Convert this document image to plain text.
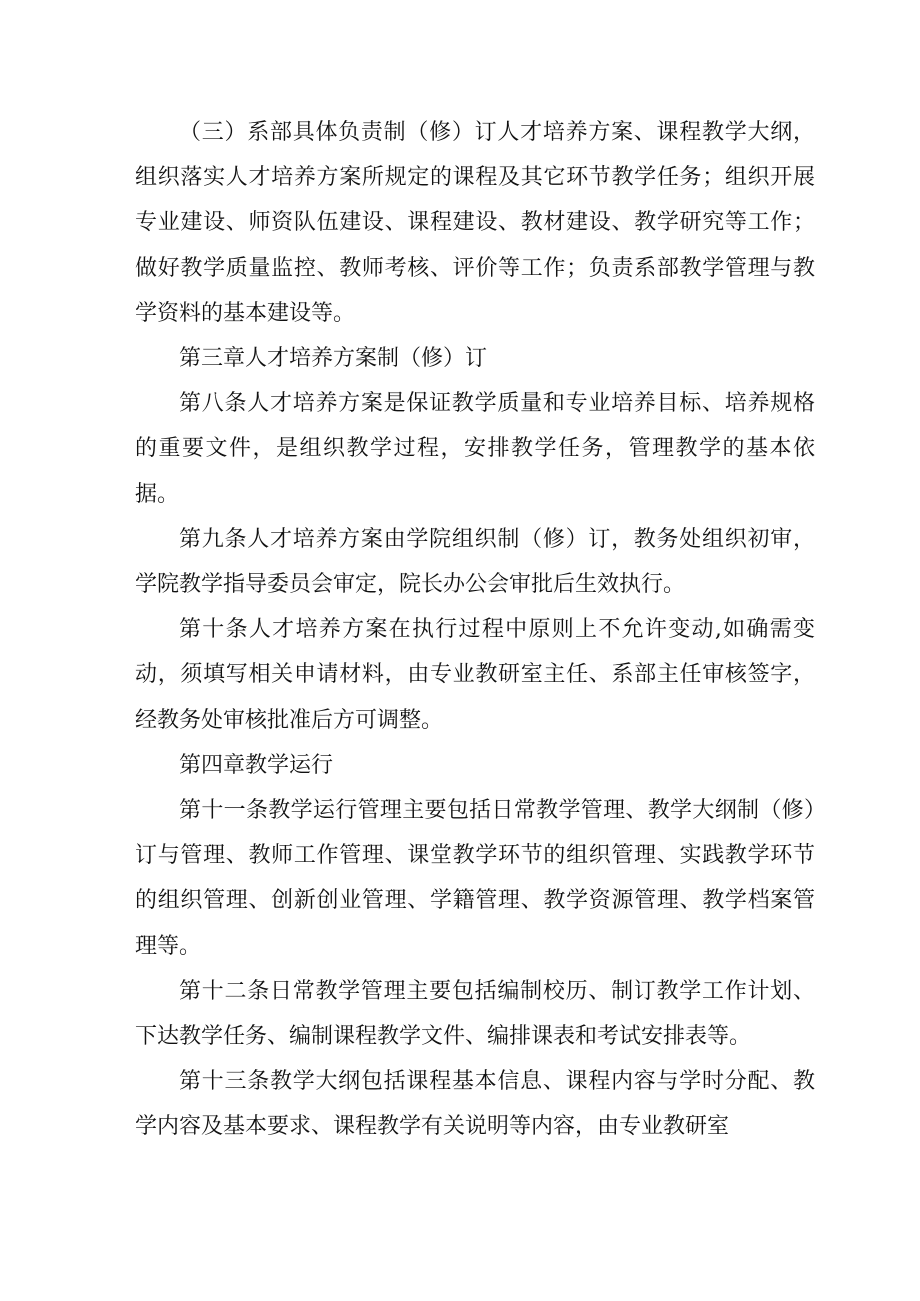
（三）系部具体负责制（修）订人才培养方案、课程教学大纲，组织落实人才培养方案所规定的课程及其它环节教学任务；组织开展专业建设、师资队伍建设、课程建设、教材建设、教学研究等工作；做好教学质量监控、教师考核、评价等工作；负责系部教学管理与教学资料的基本建设等。

第三章人才培养方案制（修）订

第八条人才培养方案是保证教学质量和专业培养目标、培养规格的重要文件，是组织教学过程，安排教学任务，管理教学的基本依据。

第九条人才培养方案由学院组织制（修）订，教务处组织初审，学院教学指导委员会审定，院长办公会审批后生效执行。

第十条人才培养方案在执行过程中原则上不允许变动,如确需变动，须填写相关申请材料，由专业教研室主任、系部主任审核签字，经教务处审核批准后方可调整。

第四章教学运行

第十一条教学运行管理主要包括日常教学管理、教学大纲制（修）订与管理、教师工作管理、课堂教学环节的组织管理、实践教学环节的组织管理、创新创业管理、学籍管理、教学资源管理、教学档案管理等。

第十二条日常教学管理主要包括编制校历、制订教学工作计划、下达教学任务、编制课程教学文件、编排课表和考试安排表等。

第十三条教学大纲包括课程基本信息、课程内容与学时分配、教学内容及基本要求、课程教学有关说明等内容，由专业教研室
